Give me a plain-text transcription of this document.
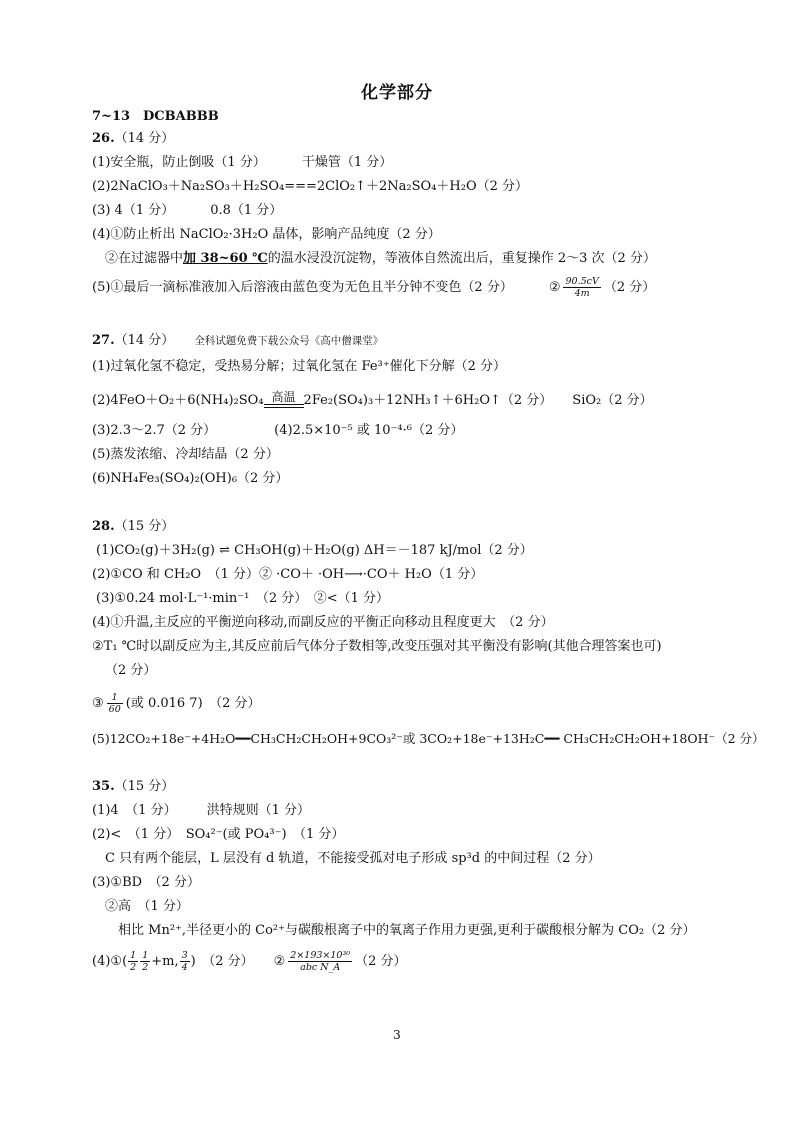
化学部分
7~13　DCBABBB
26.（14 分）
(1)安全瓶，防止倒吸（1 分）	干燥管（1 分）
(2)2NaClO₃＋Na₂SO₃＋H₂SO₄===2ClO₂↑＋2Na₂SO₄＋H₂O（2 分）
(3) 4（1 分）	0.8（1 分）
(4)①防止析出 NaClO₂·3H₂O 晶体，影响产品纯度（2 分）
②在过滤器中加 38~60 ℃的温水浸没沉淀物，等液体自然流出后，重复操作 2～3 次（2 分）
(5)①最后一滴标准液加入后溶液由蓝色变为无色且半分钟不变色（2 分）	② $\frac{90.5cV}{4m} (2$ 分）
27.（14 分） 全科试题免费下载公众号《高中僧课堂》
(1)过氧化氢不稳定，受热易分解；过氧化氢在 Fe³⁺催化下分解（2 分）
(2)4FeO＋O₂＋6(NH₄)₂SO₄ 高温 2Fe₂(SO₄)₃＋12NH₃↑＋6H₂O↑（2 分） SiO₂（2 分）
(3)2.3～2.7（2 分）	(4)2.5×10⁻⁵ 或 10⁻⁴·⁶（2 分）
(5)蒸发浓缩、冷却结晶（2 分）
(6)NH₄Fe₃(SO₄)₂(OH)₆（2 分）
28.（15 分）
(1)CO₂(g)＋3H₂(g) ⇌ CH₃OH(g)＋H₂O(g) ΔH＝－187 kJ/mol（2 分）
(2)①CO 和 CH₂O　（1 分）② ·CO＋ ·OH⟶·CO＋ H₂O（1 分）
(3)①0.24 mol·L⁻¹·min⁻¹　（2 分）　②<（1 分）
(4)①升温,主反应的平衡逆向移动,而副反应的平衡正向移动且程度更大　（2 分）
②T₁ ℃时以副反应为主,其反应前后气体分子数相等,改变压强对其平衡没有影响(其他合理答案也可)
（2 分）
③ $\frac{1}{60}$ (或 0.016 7)　（2 分）
(5)12CO₂+18e⁻+4H₂O━━CH₃CH₂CH₂OH+9CO₃²⁻或 3CO₂+18e⁻+13H₂C━━ CH₃CH₂CH₂OH+18OH⁻（2 分）
35.（15 分）
(1)4　（1 分） 洪特规则（1 分）
(2)<　（1 分）　SO₄²⁻(或 PO₄³⁻)　（1 分）
C 只有两个能层，L 层没有 d 轨道，不能接受孤对电子形成 sp³d 的中间过程（2 分）
(3)①BD　（2 分）
②高　（1 分）
相比 Mn²⁺,半径更小的 Co²⁺与碳酸根离子中的氧离子作用力更强,更利于碳酸根分解为 CO₂（2 分）
(4)①( $\frac{1}{2} \frac{1}{2} +m$, $\frac{3}{4}$ )　（2 分） ② $\frac{\text{2×193×10³⁰}}{\text{abc N\_A}} (2$ 分）
3
